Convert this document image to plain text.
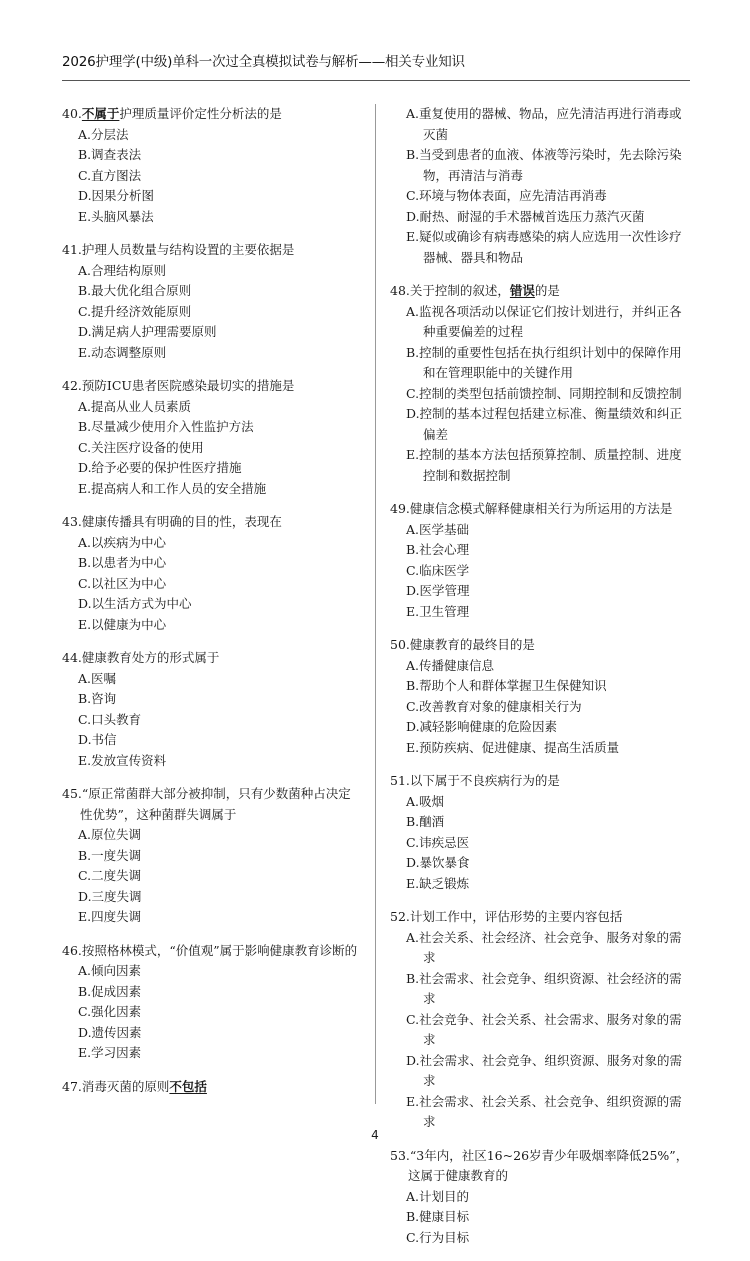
2026护理学(中级)单科一次过全真模拟试卷与解析——相关专业知识
40.不属于护理质量评价定性分析法的是
A.分层法
B.调查表法
C.直方图法
D.因果分析图
E.头脑风暴法
41.护理人员数量与结构设置的主要依据是
A.合理结构原则
B.最大优化组合原则
C.提升经济效能原则
D.满足病人护理需要原则
E.动态调整原则
42.预防ICU患者医院感染最切实的措施是
A.提高从业人员素质
B.尽量减少使用介入性监护方法
C.关注医疗设备的使用
D.给予必要的保护性医疗措施
E.提高病人和工作人员的安全措施
43.健康传播具有明确的目的性，表现在
A.以疾病为中心
B.以患者为中心
C.以社区为中心
D.以生活方式为中心
E.以健康为中心
44.健康教育处方的形式属于
A.医嘱
B.咨询
C.口头教育
D.书信
E.发放宣传资料
45.“原正常菌群大部分被抑制，只有少数菌种占决定性优势”，这种菌群失调属于
A.原位失调
B.一度失调
C.二度失调
D.三度失调
E.四度失调
46.按照格林模式，“价值观”属于影响健康教育诊断的
A.倾向因素
B.促成因素
C.强化因素
D.遗传因素
E.学习因素
47.消毒灭菌的原则不包括
A.重复使用的器械、物品，应先清洁再进行消毒或灭菌
B.当受到患者的血液、体液等污染时，先去除污染物，再清洁与消毒
C.环境与物体表面，应先清洁再消毒
D.耐热、耐湿的手术器械首选压力蒸汽灭菌
E.疑似或确诊有病毒感染的病人应选用一次性诊疗器械、器具和物品
48.关于控制的叙述，错误的是
A.监视各项活动以保证它们按计划进行，并纠正各种重要偏差的过程
B.控制的重要性包括在执行组织计划中的保障作用和在管理职能中的关键作用
C.控制的类型包括前馈控制、同期控制和反馈控制
D.控制的基本过程包括建立标准、衡量绩效和纠正偏差
E.控制的基本方法包括预算控制、质量控制、进度控制和数据控制
49.健康信念模式解释健康相关行为所运用的方法是
A.医学基础
B.社会心理
C.临床医学
D.医学管理
E.卫生管理
50.健康教育的最终目的是
A.传播健康信息
B.帮助个人和群体掌握卫生保健知识
C.改善教育对象的健康相关行为
D.减轻影响健康的危险因素
E.预防疾病、促进健康、提高生活质量
51.以下属于不良疾病行为的是
A.吸烟
B.酗酒
C.讳疾忌医
D.暴饮暴食
E.缺乏锻炼
52.计划工作中，评估形势的主要内容包括
A.社会关系、社会经济、社会竞争、服务对象的需求
B.社会需求、社会竞争、组织资源、社会经济的需求
C.社会竞争、社会关系、社会需求、服务对象的需求
D.社会需求、社会竞争、组织资源、服务对象的需求
E.社会需求、社会关系、社会竞争、组织资源的需求
53.“3年内，社区16~26岁青少年吸烟率降低25%”，这属于健康教育的
A.计划目的
B.健康目标
C.行为目标
4
